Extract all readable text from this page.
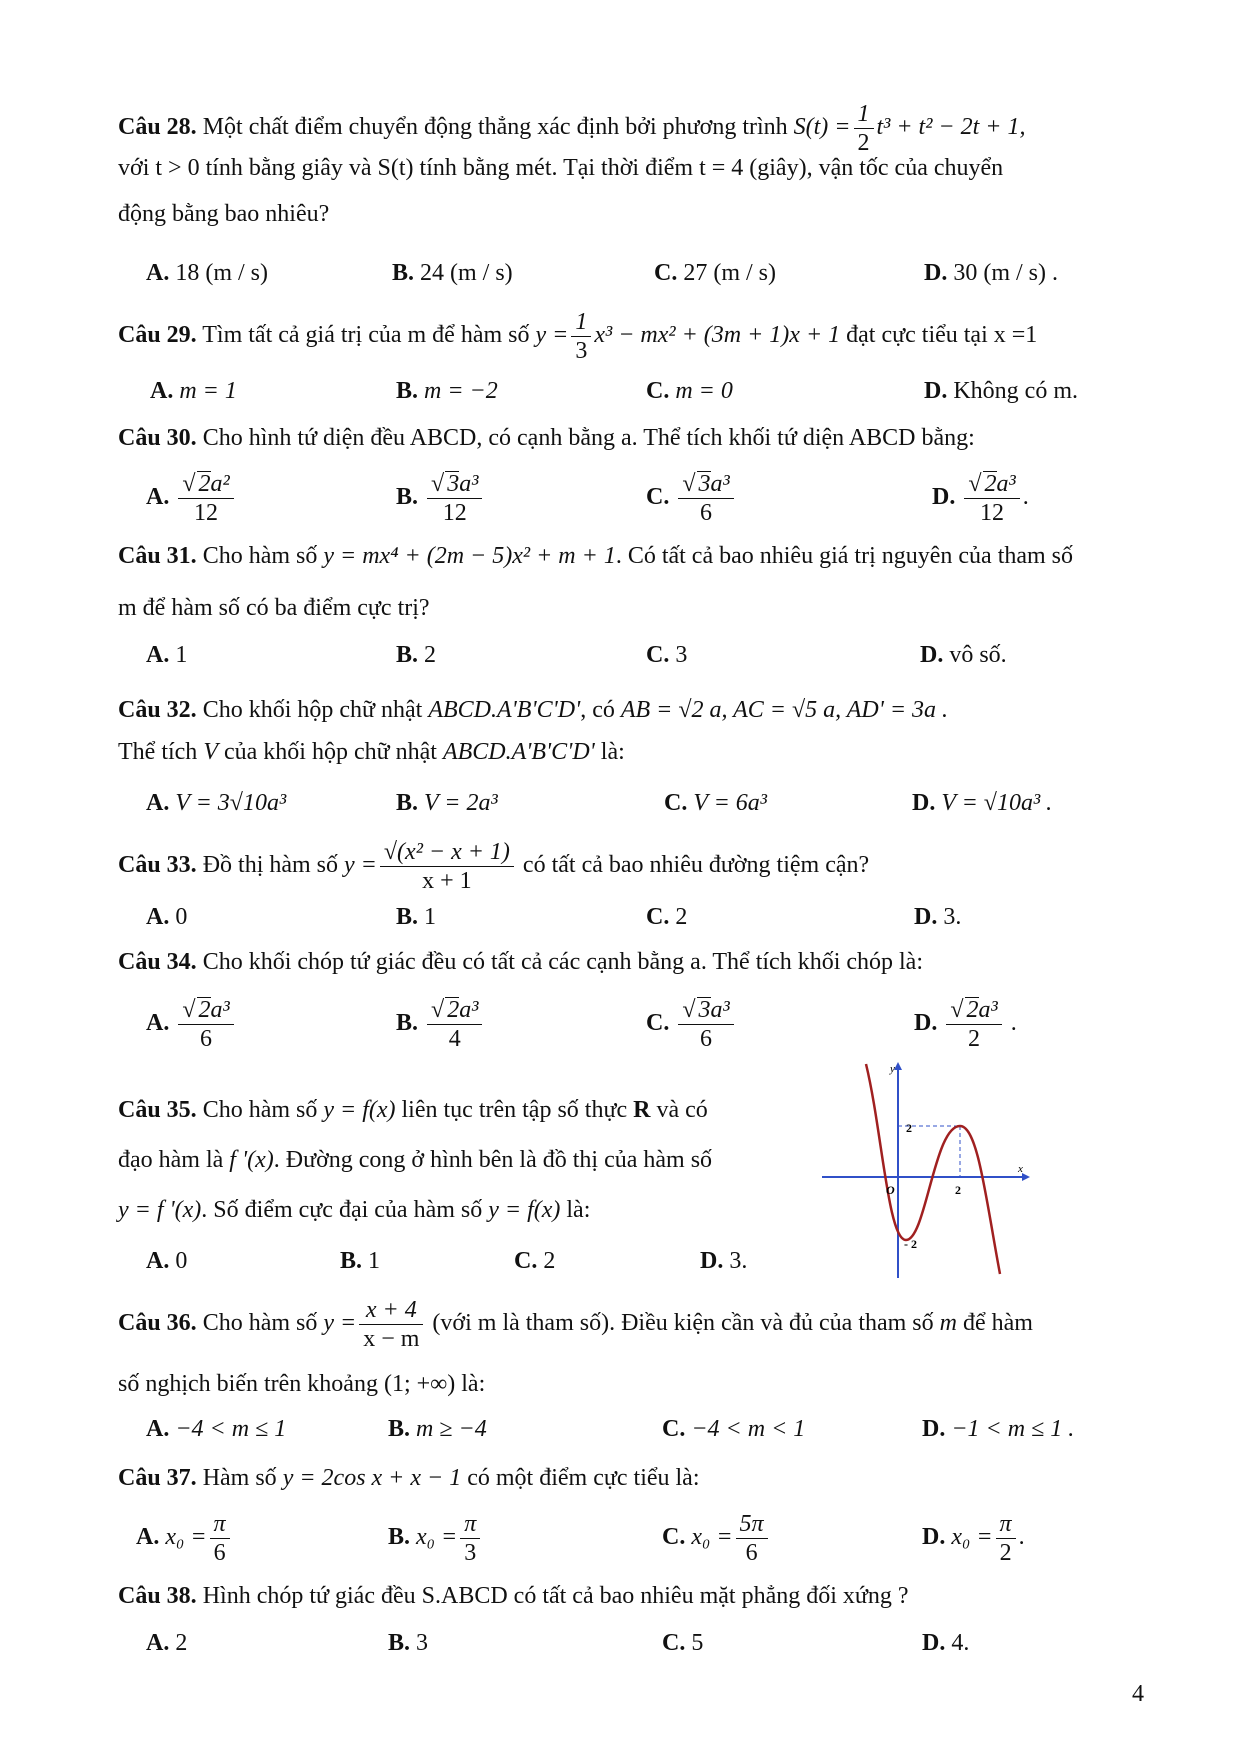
Câu 28. Một chất điểm chuyển động thẳng xác định bởi phương trình $S(t) = \frac{1}{2} t^3 + t^2 - 2t + 1$,
với t > 0 tính bằng giây và S(t) tính bằng mét. Tại thời điểm t = 4 (giây), vận tốc của chuyển
động bằng bao nhiêu?
A. 18 (m / s)	B. 24 (m / s)	C. 27 (m / s)	D. 30 (m / s) .
Câu 29. Tìm tất cả giá trị của m để hàm số $y = \frac{1}{3} x^3 - mx^2 + (3m + 1)x + 1$ đạt cực tiểu tại x =1
A. m = 1	B. m = −2	C. m = 0	D. Không có m.
Câu 30. Cho hình tứ diện đều ABCD, có cạnh bằng a. Thể tích khối tứ diện ABCD bằng:
A. $\frac{\text{√ 2a²}}{12}$	B. $\frac{\text{√ 3a³}}{12}$	C. $\frac{\text{√ 3a³}}{6}$	D. $\frac{\text{√ 2a³}}{12}$ .
Câu 31. Cho hàm số y = mx⁴ + (2m − 5)x² + m + 1. Có tất cả bao nhiêu giá trị nguyên của tham số
m để hàm số có ba điểm cực trị?
A. 1	B. 2	C. 3	D. vô số.
Câu 32. Cho khối hộp chữ nhật ABCD.A'B'C'D', có AB = √2 a, AC = √5 a, AD' = 3a .
Thể tích V của khối hộp chữ nhật ABCD.A'B'C'D' là:
A. V = 3√10a³	B. V = 2a³	C. V = 6a³	D. V = √10a³ .
Câu 33. Đồ thị hàm số $y = \frac{\text{√(x² − x + 1)}}{x + 1}$ có tất cả bao nhiêu đường tiệm cận?
A. 0	B. 1	C. 2	D. 3.
Câu 34. Cho khối chóp tứ giác đều có tất cả các cạnh bằng a. Thể tích khối chóp là:
A. $\frac{\text{√ 2a³}}{6}$	B. $\frac{\text{√ 2a³}}{4}$	C. $\frac{\text{√ 3a³}}{6}$	D. $\frac{\text{√ 2a³}}{2}$ .
Câu 35. Cho hàm số y = f(x) liên tục trên tập số thực R và có
đạo hàm là f '(x). Đường cong ở hình bên là đồ thị của hàm số
y = f '(x). Số điểm cực đại của hàm số y = f(x) là:
A. 0	B. 1	C. 2	D. 3.
y
x
O
2
- 2
2
Câu 36. Cho hàm số $y = \frac{x + 4}{x - m}$ (với m là tham số). Điều kiện cần và đủ của tham số m để hàm
số nghịch biến trên khoảng (1; +∞) là:
A. −4 < m ≤ 1	B. m ≥ −4	C. −4 < m < 1	D. −1 < m ≤ 1 .
Câu 37. Hàm số y = 2cos x + x − 1 có một điểm cực tiểu là:
A. $x_0 = \frac{\pi}{6}$	B. $x_0 = \frac{\pi}{3}$	C. $x_0 = \frac{5\pi}{6}$	D. $x_0 = \frac{\pi}{2}$ .
Câu 38. Hình chóp tứ giác đều S.ABCD có tất cả bao nhiêu mặt phẳng đối xứng ?
A. 2	B. 3	C. 5	D. 4.
4
